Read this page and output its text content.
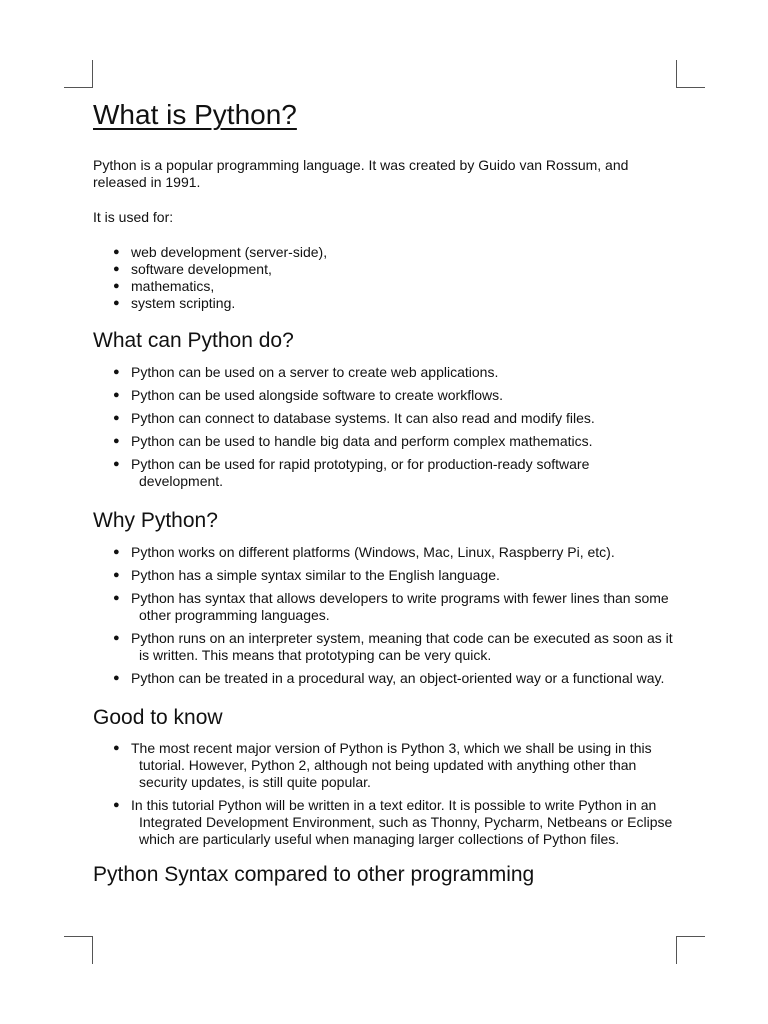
What is Python?

Python is a popular programming language. It was created by Guido van Rossum, and released in 1991.

It is used for:

● web development (server-side),
● software development,
● mathematics,
● system scripting.
What can Python do?
● Python can be used on a server to create web applications.
● Python can be used alongside software to create workflows.
● Python can connect to database systems. It can also read and modify files.
● Python can be used to handle big data and perform complex mathematics.
● Python can be used for rapid prototyping, or for production-ready software development.
Why Python?
● Python works on different platforms (Windows, Mac, Linux, Raspberry Pi, etc).
● Python has a simple syntax similar to the English language.
● Python has syntax that allows developers to write programs with fewer lines than some other programming languages.
● Python runs on an interpreter system, meaning that code can be executed as soon as it is written. This means that prototyping can be very quick.
● Python can be treated in a procedural way, an object-oriented way or a functional way.
Good to know
● The most recent major version of Python is Python 3, which we shall be using in this tutorial. However, Python 2, although not being updated with anything other than security updates, is still quite popular.
● In this tutorial Python will be written in a text editor. It is possible to write Python in an Integrated Development Environment, such as Thonny, Pycharm, Netbeans or Eclipse which are particularly useful when managing larger collections of Python files.
Python Syntax compared to other programming
